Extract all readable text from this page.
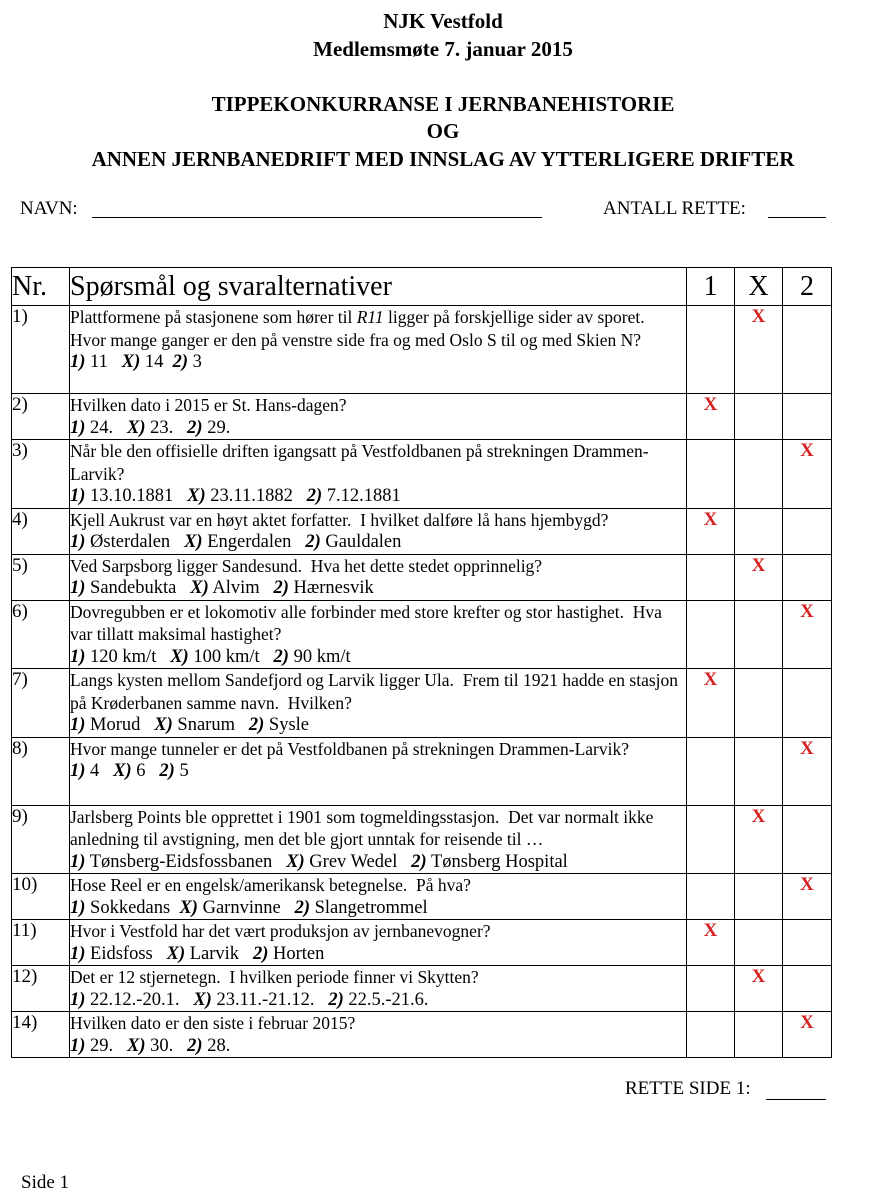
NJK Vestfold
Medlemsmøte 7. januar 2015
TIPPEKONKURRANSE I JERNBANEHISTORIE
OG
ANNEN JERNBANEDRIFT MED INNSLAG AV YTTERLIGERE DRIFTER
NAVN:	ANTALL RETTE:
Nr.	Spørsmål og svaralternativer	1	X	2
1)	Plattformene på stasjonene som hører til R11 ligger på forskjellige sider av sporet.  Hvor mange ganger er den på venstre side fra og med Oslo S til og med Skien N?
1) 11   X) 14  2) 3		X	
2)	Hvilken dato i 2015 er St. Hans-dagen?
1) 24.   X) 23.   2) 29.	X		
3)	Når ble den offisielle driften igangsatt på Vestfoldbanen på strekningen Drammen-Larvik?
1) 13.10.1881   X) 23.11.1882   2) 7.12.1881			X
4)	Kjell Aukrust var en høyt aktet forfatter.  I hvilket dalføre lå hans hjembygd?
1) Østerdalen   X) Engerdalen   2) Gauldalen	X		
5)	Ved Sarpsborg ligger Sandesund.  Hva het dette stedet opprinnelig?
1) Sandebukta   X) Alvim   2) Hærnesvik		X	
6)	Dovregubben er et lokomotiv alle forbinder med store krefter og stor hastighet.  Hva var tillatt maksimal hastighet?
1) 120 km/t   X) 100 km/t   2) 90 km/t			X
7)	Langs kysten mellom Sandefjord og Larvik ligger Ula.  Frem til 1921 hadde en stasjon på Krøderbanen samme navn.  Hvilken?
1) Morud   X) Snarum   2) Sysle	X		
8)	Hvor mange tunneler er det på Vestfoldbanen på strekningen Drammen-Larvik?
1) 4   X) 6   2) 5			X
9)	Jarlsberg Points ble opprettet i 1901 som togmeldingsstasjon.  Det var normalt ikke anledning til avstigning, men det ble gjort unntak for reisende til …
1) Tønsberg-Eidsfossbanen   X) Grev Wedel   2) Tønsberg Hospital		X	
10)	Hose Reel er en engelsk/amerikansk betegnelse.  På hva?
1) Sokkedans  X) Garnvinne   2) Slangetrommel			X
11)	Hvor i Vestfold har det vært produksjon av jernbanevogner?
1) Eidsfoss   X) Larvik   2) Horten	X		
12)	Det er 12 stjernetegn.  I hvilken periode finner vi Skytten?
1) 22.12.-20.1.   X) 23.11.-21.12.   2) 22.5.-21.6.		X	
14)	Hvilken dato er den siste i februar 2015?
1) 29.   X) 30.   2) 28.			X
RETTE SIDE 1:
Side 1
